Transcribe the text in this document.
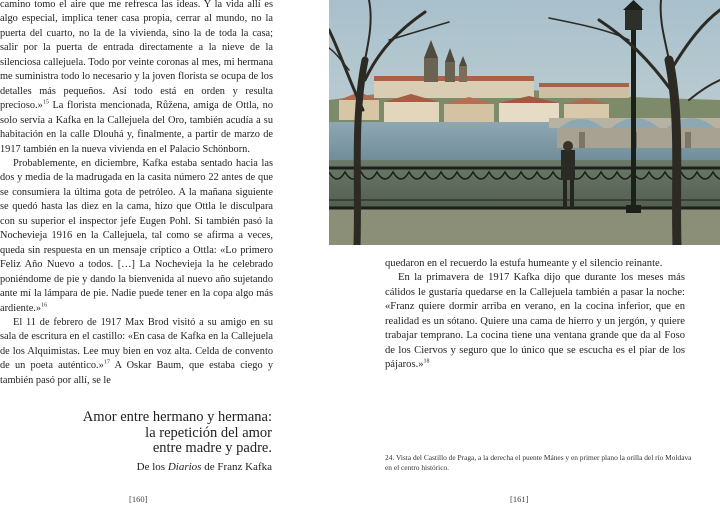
camino tomo el aire que me refresca las ideas. Y la vida allí es algo especial, implica tener casa propia, cerrar al mundo, no la puerta del cuarto, no la de la vivienda, sino la de toda la casa; salir por la puerta de entrada directamente a la nieve de la silenciosa callejuela. Todo por veinte coronas al mes, mi hermana me suministra todo lo necesario y la joven florista se ocupa de los detalles más pequeños. Así todo está en orden y resulta precioso.»$^{15}$ La florista mencionada, Růžena, amiga de Ottla, no solo servía a Kafka en la Callejuela del Oro, también acudía a su habitación en la calle Dlouhá y, finalmente, a partir de marzo de 1917 también en la nueva vivienda en el Palacio Schönborn.

Probablemente, en diciembre, Kafka estaba sentado hacia las dos y media de la madrugada en la casita número 22 antes de que se consumiera la última gota de petróleo. A la mañana siguiente se quedó hasta las diez en la cama, hizo que Ottla le disculpara con su superior el inspector jefe Eugen Pohl. Si también pasó la Nochevieja 1916 en la Callejuela, tal como se afirma a veces, queda sin respuesta en un mensaje críptico a Ottla: «Lo primero Feliz Año Nuevo a todos. […] La Nochevieja la he celebrado poniéndome de pie y dando la bienvenida al nuevo año sujetando ante mí la lámpara de pie. Nadie puede tener en la copa algo más ardiente.»$^{16}$

El 11 de febrero de 1917 Max Brod visitó a su amigo en su sala de escritura en el castillo: «En casa de Kafka en la Callejuela de los Alquimistas. Lee muy bien en voz alta. Celda de convento de un poeta auténtico.»$^{17}$ A Oskar Baum, que estaba ciego y también pasó por allí, se le

Amor entre hermano y hermana:
la repetición del amor
entre madre y padre.
De los Diarios de Franz Kafka
[160]

quedaron en el recuerdo la estufa humeante y el silencio reinante.

En la primavera de 1917 Kafka dijo que durante los meses más cálidos le gustaría quedarse en la Callejuela también a pasar la noche: «Franz quiere dormir arriba en verano, en la cocina inferior, que en realidad es un sótano. Quiere una cama de hierro y un jergón, y quiere trabajar temprano. La cocina tiene una ventana grande que da al Foso de los Ciervos y seguro que lo único que se escucha es el piar de los pájaros.»$^{18}$

24. Vista del Castillo de Praga, a la derecha el puente Mánes y en primer plano la orilla del río Moldava en el centro histórico.
[161]
